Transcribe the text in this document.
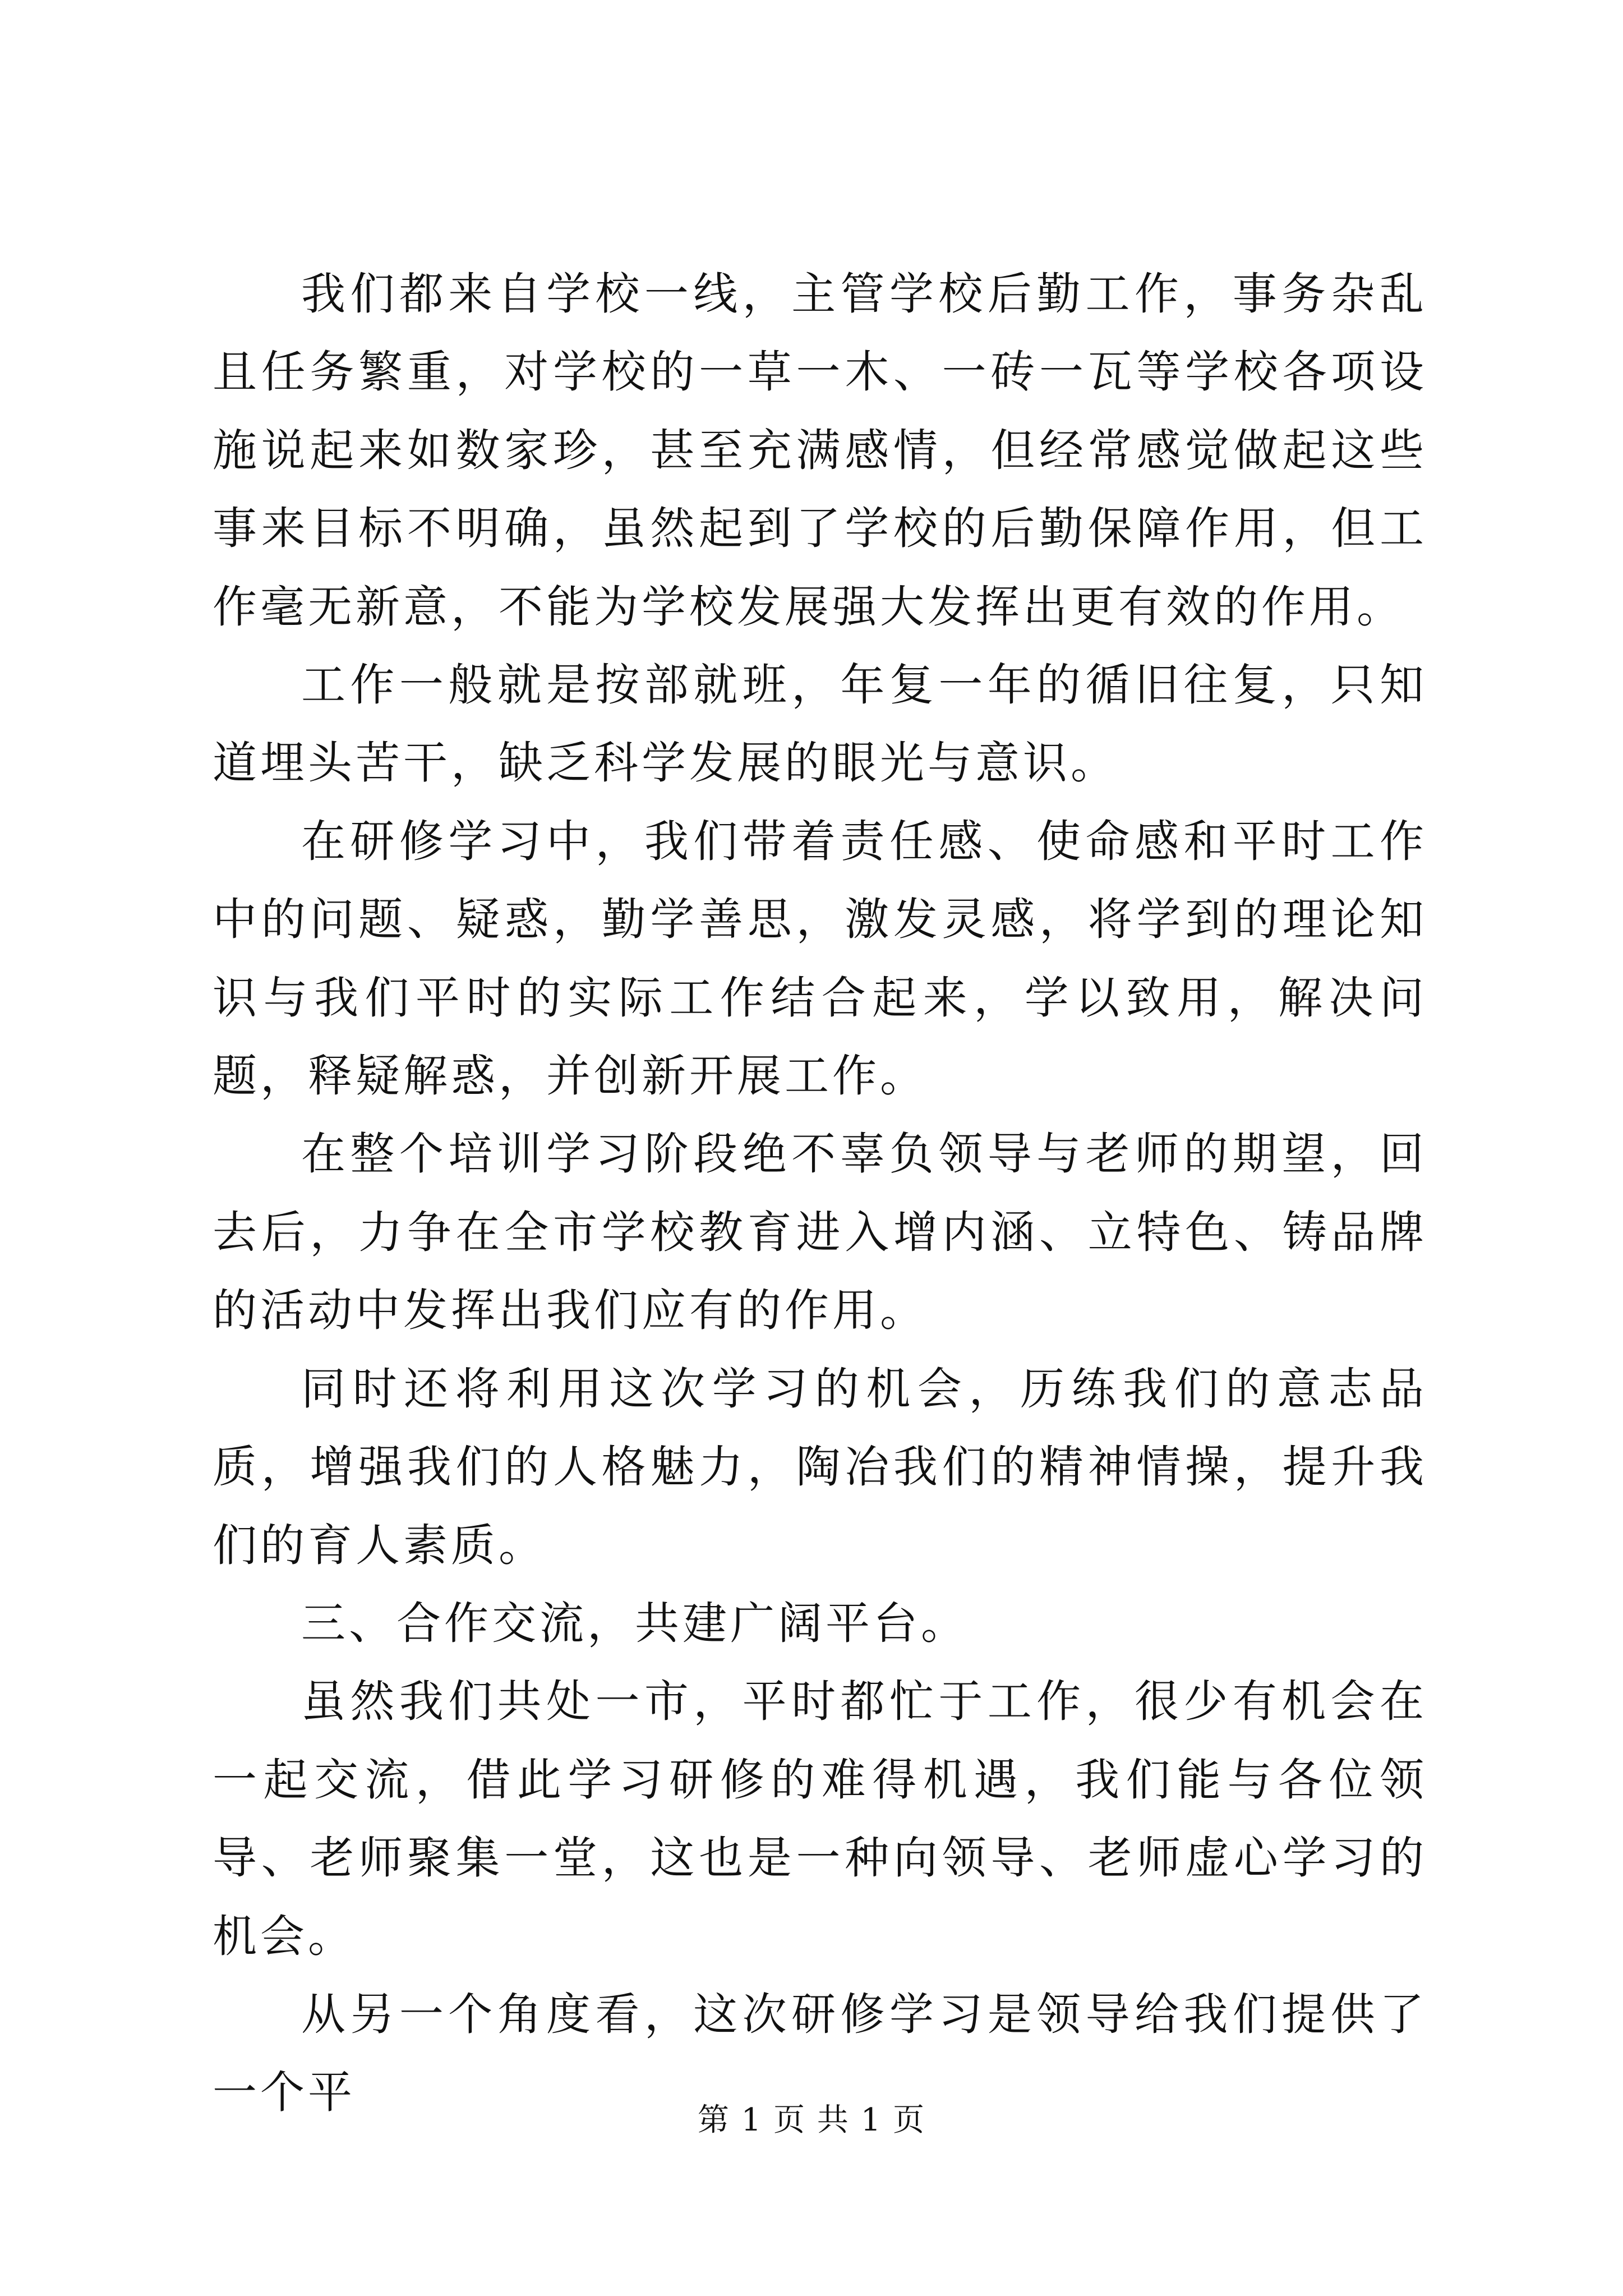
我们都来自学校一线，主管学校后勤工作，事务杂乱且任务繁重，对学校的一草一木、一砖一瓦等学校各项设施说起来如数家珍，甚至充满感情，但经常感觉做起这些事来目标不明确，虽然起到了学校的后勤保障作用，但工作毫无新意，不能为学校发展强大发挥出更有效的作用。

工作一般就是按部就班，年复一年的循旧往复，只知道埋头苦干，缺乏科学发展的眼光与意识。

在研修学习中，我们带着责任感、使命感和平时工作中的问题、疑惑，勤学善思，激发灵感，将学到的理论知识与我们平时的实际工作结合起来，学以致用，解决问题，释疑解惑，并创新开展工作。

在整个培训学习阶段绝不辜负领导与老师的期望，回去后，力争在全市学校教育进入增内涵、立特色、铸品牌的活动中发挥出我们应有的作用。

同时还将利用这次学习的机会，历练我们的意志品质，增强我们的人格魅力，陶冶我们的精神情操，提升我们的育人素质。

三、合作交流，共建广阔平台。

虽然我们共处一市，平时都忙于工作，很少有机会在一起交流，借此学习研修的难得机遇，我们能与各位领导、老师聚集一堂，这也是一种向领导、老师虚心学习的机会。

从另一个角度看，这次研修学习是领导给我们提供了一个平

第 1 页 共 1 页
